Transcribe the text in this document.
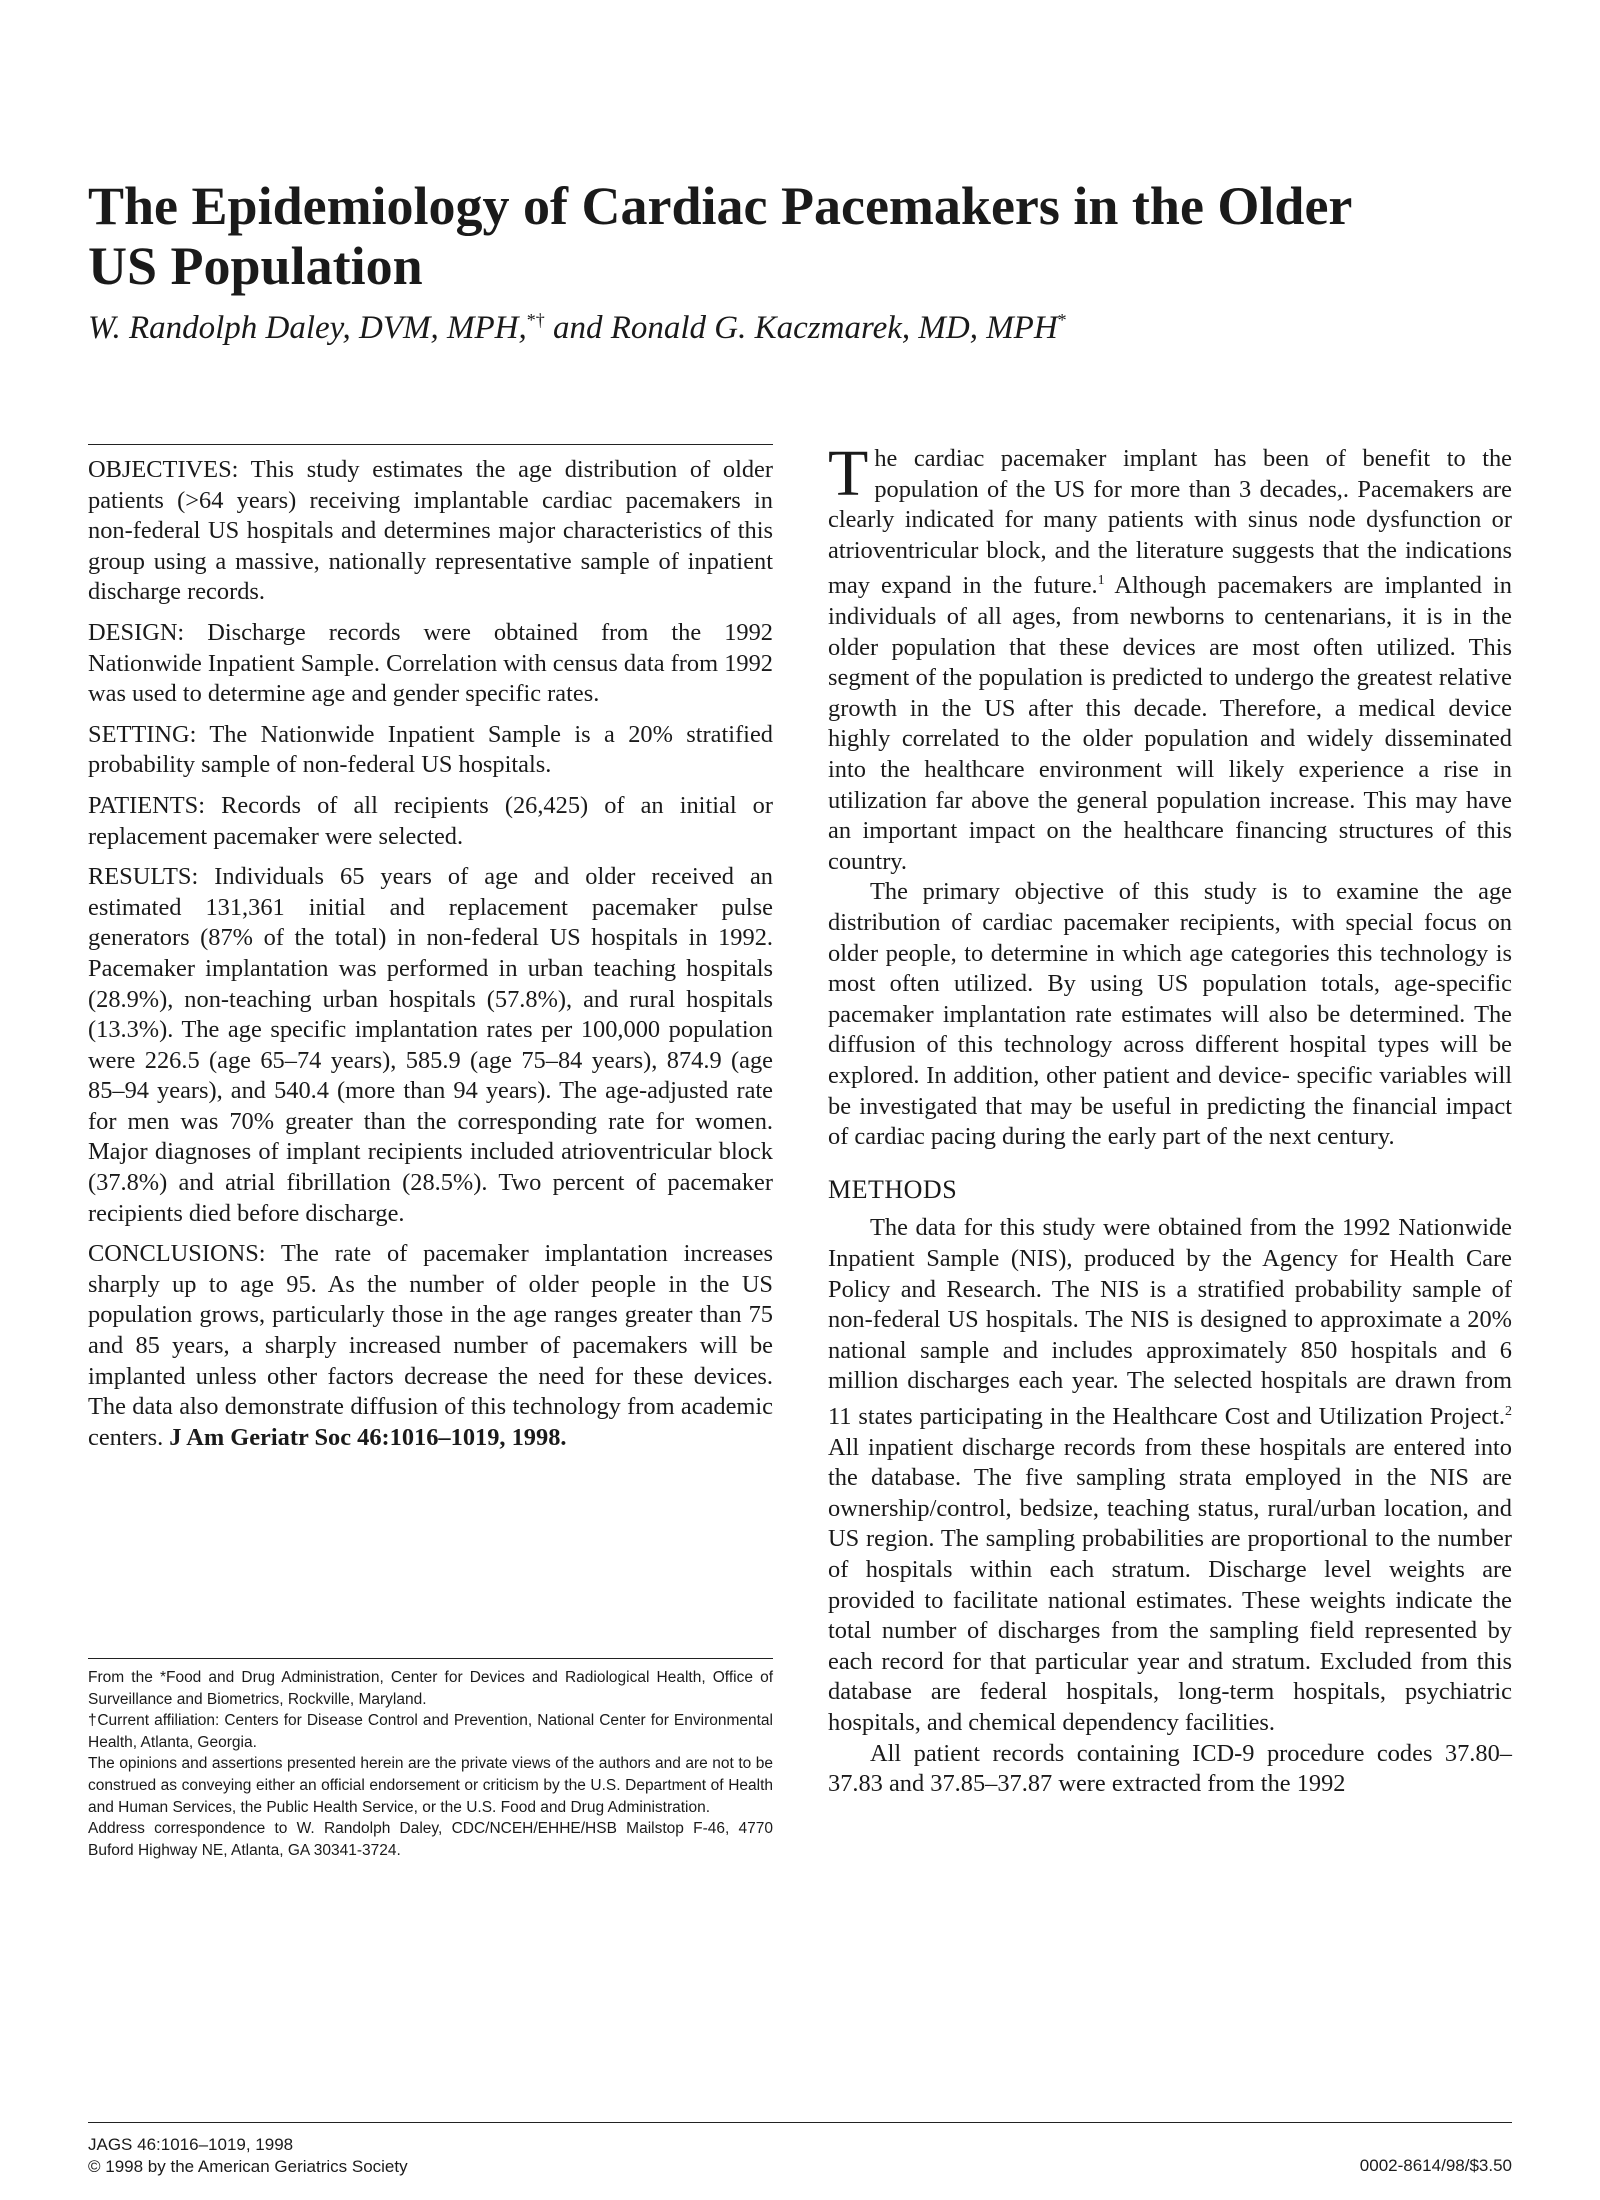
The Epidemiology of Cardiac Pacemakers in the Older
US Population
W. Randolph Daley, DVM, MPH,*† and Ronald G. Kaczmarek, MD, MPH*

OBJECTIVES: This study estimates the age distribution of older patients (>64 years) receiving implantable cardiac pacemakers in non-federal US hospitals and determines major characteristics of this group using a massive, nationally representative sample of inpatient discharge records.

DESIGN: Discharge records were obtained from the 1992 Nationwide Inpatient Sample. Correlation with census data from 1992 was used to determine age and gender specific rates.

SETTING: The Nationwide Inpatient Sample is a 20% stratified probability sample of non-federal US hospitals.

PATIENTS: Records of all recipients (26,425) of an initial or replacement pacemaker were selected.

RESULTS: Individuals 65 years of age and older received an estimated 131,361 initial and replacement pacemaker pulse generators (87% of the total) in non-federal US hospitals in 1992. Pacemaker implantation was performed in urban teaching hospitals (28.9%), non-teaching urban hospitals (57.8%), and rural hospitals (13.3%). The age specific implantation rates per 100,000 population were 226.5 (age 65–74 years), 585.9 (age 75–84 years), 874.9 (age 85–94 years), and 540.4 (more than 94 years). The age-adjusted rate for men was 70% greater than the corresponding rate for women. Major diagnoses of implant recipients included atrioventricular block (37.8%) and atrial fibrillation (28.5%). Two percent of pacemaker recipients died before discharge.

CONCLUSIONS: The rate of pacemaker implantation increases sharply up to age 95. As the number of older people in the US population grows, particularly those in the age ranges greater than 75 and 85 years, a sharply increased number of pacemakers will be implanted unless other factors decrease the need for these devices. The data also demonstrate diffusion of this technology from academic centers. J Am Geriatr Soc 46:1016–1019, 1998.

From the *Food and Drug Administration, Center for Devices and Radiological Health, Office of Surveillance and Biometrics, Rockville, Maryland.

†Current affiliation: Centers for Disease Control and Prevention, National Center for Environmental Health, Atlanta, Georgia.

The opinions and assertions presented herein are the private views of the authors and are not to be construed as conveying either an official endorsement or criticism by the U.S. Department of Health and Human Services, the Public Health Service, or the U.S. Food and Drug Administration.

Address correspondence to W. Randolph Daley, CDC/NCEH/EHHE/HSB Mailstop F-46, 4770 Buford Highway NE, Atlanta, GA 30341-3724.

The cardiac pacemaker implant has been of benefit to the population of the US for more than 3 decades,. Pacemakers are clearly indicated for many patients with sinus node dysfunction or atrioventricular block, and the literature suggests that the indications may expand in the future.$^1$ Although pacemakers are implanted in individuals of all ages, from newborns to centenarians, it is in the older population that these devices are most often utilized. This segment of the population is predicted to undergo the greatest relative growth in the US after this decade. Therefore, a medical device highly correlated to the older population and widely disseminated into the healthcare environment will likely experience a rise in utilization far above the general population increase. This may have an important impact on the healthcare financing structures of this country.

The primary objective of this study is to examine the age distribution of cardiac pacemaker recipients, with special focus on older people, to determine in which age categories this technology is most often utilized. By using US population totals, age-specific pacemaker implantation rate estimates will also be determined. The diffusion of this technology across different hospital types will be explored. In addition, other patient and device- specific variables will be investigated that may be useful in predicting the financial impact of cardiac pacing during the early part of the next century.

METHODS

The data for this study were obtained from the 1992 Nationwide Inpatient Sample (NIS), produced by the Agency for Health Care Policy and Research. The NIS is a stratified probability sample of non-federal US hospitals. The NIS is designed to approximate a 20% national sample and includes approximately 850 hospitals and 6 million discharges each year. The selected hospitals are drawn from 11 states participating in the Healthcare Cost and Utilization Project.$^2$ All inpatient discharge records from these hospitals are entered into the database. The five sampling strata employed in the NIS are ownership/control, bedsize, teaching status, rural/urban location, and US region. The sampling probabilities are proportional to the number of hospitals within each stratum. Discharge level weights are provided to facilitate national estimates. These weights indicate the total number of discharges from the sampling field represented by each record for that particular year and stratum. Excluded from this database are federal hospitals, long-term hospitals, psychiatric hospitals, and chemical dependency facilities.

All patient records containing ICD-9 procedure codes 37.80–37.83 and 37.85–37.87 were extracted from the 1992

JAGS 46:1016–1019, 1998
© 1998 by the American Geriatrics Society	0002-8614/98/$3.50
